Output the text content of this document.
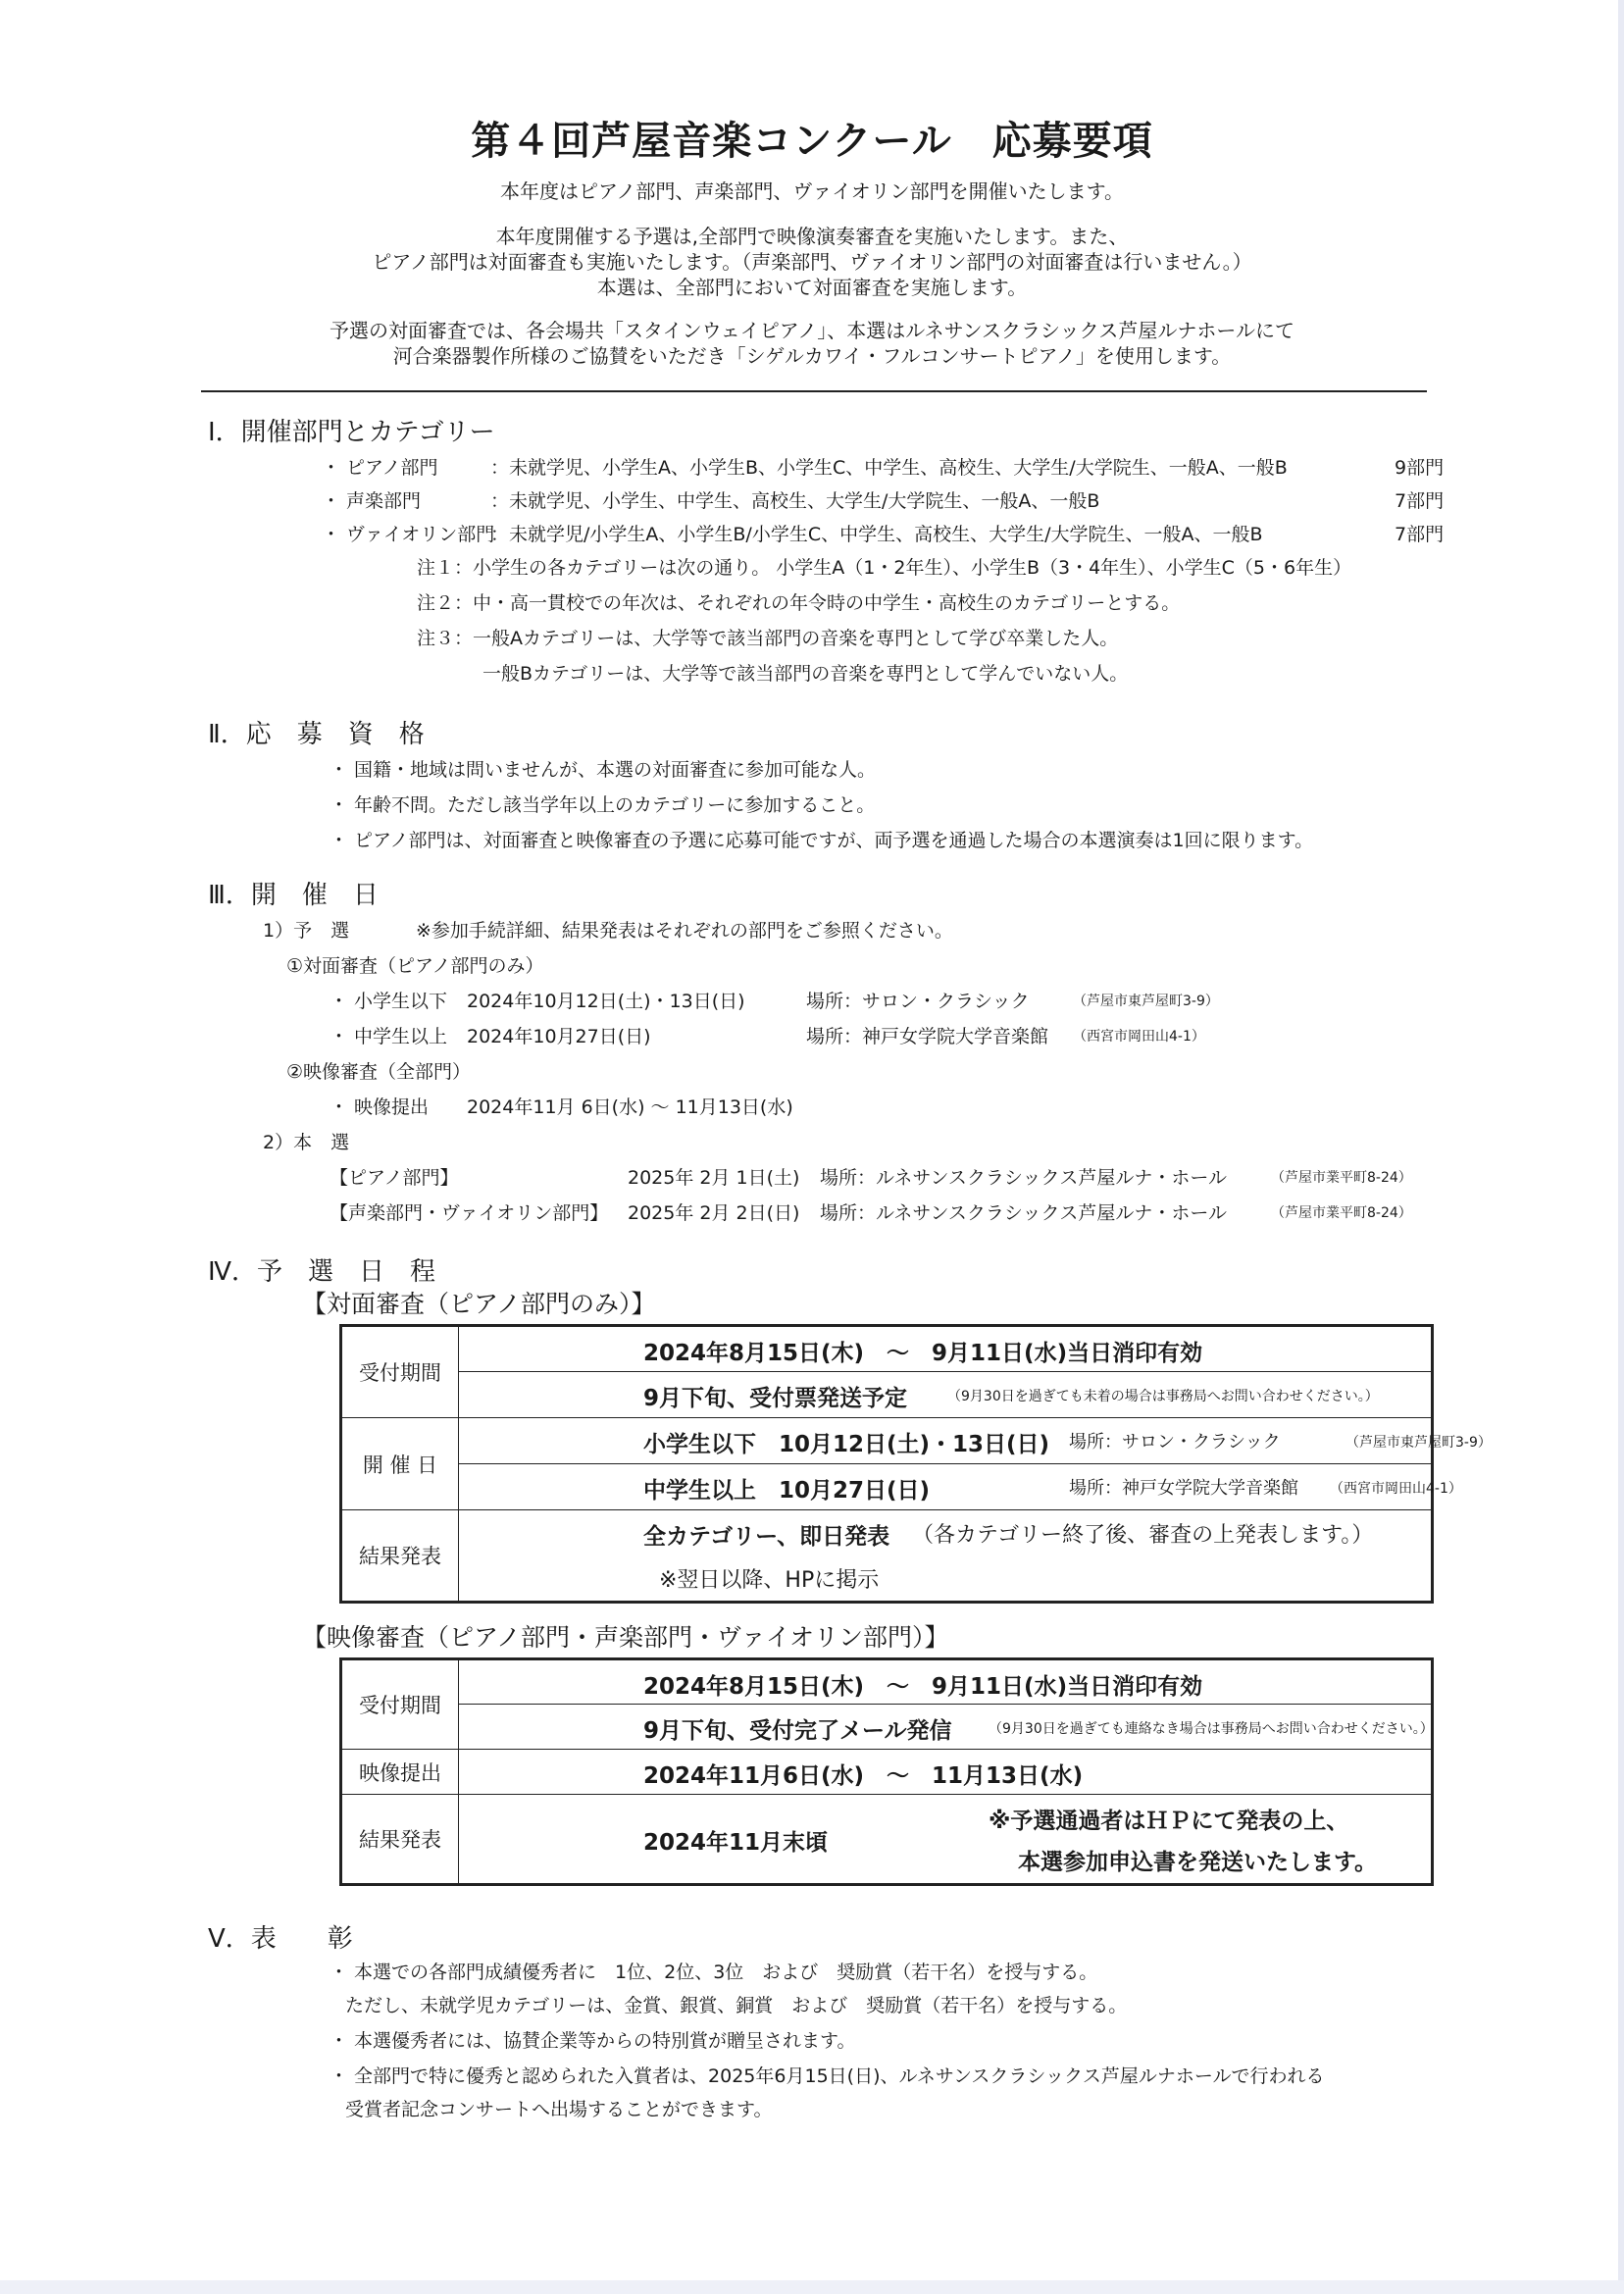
第４回芦屋音楽コンクール　応募要項
本年度はピアノ部門、声楽部門、ヴァイオリン部門を開催いたします。
本年度開催する予選は,全部門で映像演奏審査を実施いたします。また、
ピアノ部門は対面審査も実施いたします。（声楽部門、ヴァイオリン部門の対面審査は行いません。）
本選は、全部門において対面審査を実施します。
予選の対面審査では、各会場共「スタインウェイピアノ」、本選はルネサンスクラシックス芦屋ルナホールにて
河合楽器製作所様のご協賛をいただき「シゲルカワイ・フルコンサートピアノ」を使用します。
Ⅰ．開催部門とカテゴリー
・ ピアノ部門	：未就学児、小学生A、小学生B、小学生C、中学生、高校生、大学生/大学院生、一般A、一般B	9部門
・ 声楽部門	：未就学児、小学生、中学生、高校生、大学生/大学院生、一般A、一般B	7部門
・ ヴァイオリン部門
：未就学児/小学生A、小学生B/小学生C、中学生、高校生、大学生/大学院生、一般A、一般B	7部門
注１：小学生の各カテゴリーは次の通り。 小学生A（1・2年生）、小学生B（3・4年生）、小学生C（5・6年生）
注２：中・高一貫校での年次は、それぞれの年令時の中学生・高校生のカテゴリーとする。
注３：一般Aカテゴリーは、大学等で該当部門の音楽を専門として学び卒業した人。
一般Bカテゴリーは、大学等で該当部門の音楽を専門として学んでいない人。
Ⅱ．応　募　資　格
・ 国籍・地域は問いませんが、本選の対面審査に参加可能な人。
・ 年齢不問。ただし該当学年以上のカテゴリーに参加すること。
・ ピアノ部門は、対面審査と映像審査の予選に応募可能ですが、両予選を通過した場合の本選演奏は1回に限ります。
Ⅲ．開　催　日
1）予　選	※参加手続詳細、結果発表はそれぞれの部門をご参照ください。
①対面審査（ピアノ部門のみ）
・ 小学生以下 2024年10月12日(土)・13日(日)	場所：サロン・クラシック	（芦屋市東芦屋町3-9）
・ 中学生以上 2024年10月27日(日)	場所：神戸女学院大学音楽館 （西宮市岡田山4-1）
②映像審査（全部門）
・ 映像提出 2024年11月 6日(水) ～ 11月13日(水)
2）本　選
【ピアノ部門】	2025年 2月 1日(土) 場所：ルネサンスクラシックス芦屋ルナ・ホール	（芦屋市業平町8-24）
【声楽部門・ヴァイオリン部門】 2025年 2月 2日(日) 場所：ルネサンスクラシックス芦屋ルナ・ホール	（芦屋市業平町8-24）
Ⅳ．予　選　日　程
【対面審査（ピアノ部門のみ）】
受付期間	2024年8月15日(木)　～　9月11日(水)当日消印有効

	9月下旬、受付票発送予定 （9月30日を過ぎても未着の場合は事務局へお問い合わせください。）

開 催 日	小学生以下　10月12日(土)・13日(日) 場所：サロン・クラシック （芦屋市東芦屋町3-9）

	中学生以上　10月27日(日) 場所：神戸女学院大学音楽館 （西宮市岡田山4-1）

結果発表	全カテゴリー、即日発表 （各カテゴリー終了後、審査の上発表します。）
※翌日以降、HPに掲示
【映像審査（ピアノ部門・声楽部門・ヴァイオリン部門）】
受付期間	2024年8月15日(木)　～　9月11日(水)当日消印有効

	9月下旬、受付完了メール発信 （9月30日を過ぎても連絡なき場合は事務局へお問い合わせください。）

映像提出	2024年11月6日(水)　～　11月13日(水)

結果発表	2024年11月末頃
※予選通過者はＨＰにて発表の上、
本選参加申込書を発送いたします。
Ⅴ．表　　彰
・ 本選での各部門成績優秀者に　1位、2位、3位　および　奨励賞（若干名）を授与する。
ただし、未就学児カテゴリーは、金賞、銀賞、銅賞　および　奨励賞（若干名）を授与する。
・ 本選優秀者には、協賛企業等からの特別賞が贈呈されます。
・ 全部門で特に優秀と認められた入賞者は、2025年6月15日(日)、ルネサンスクラシックス芦屋ルナホールで行われる
受賞者記念コンサートへ出場することができます。
